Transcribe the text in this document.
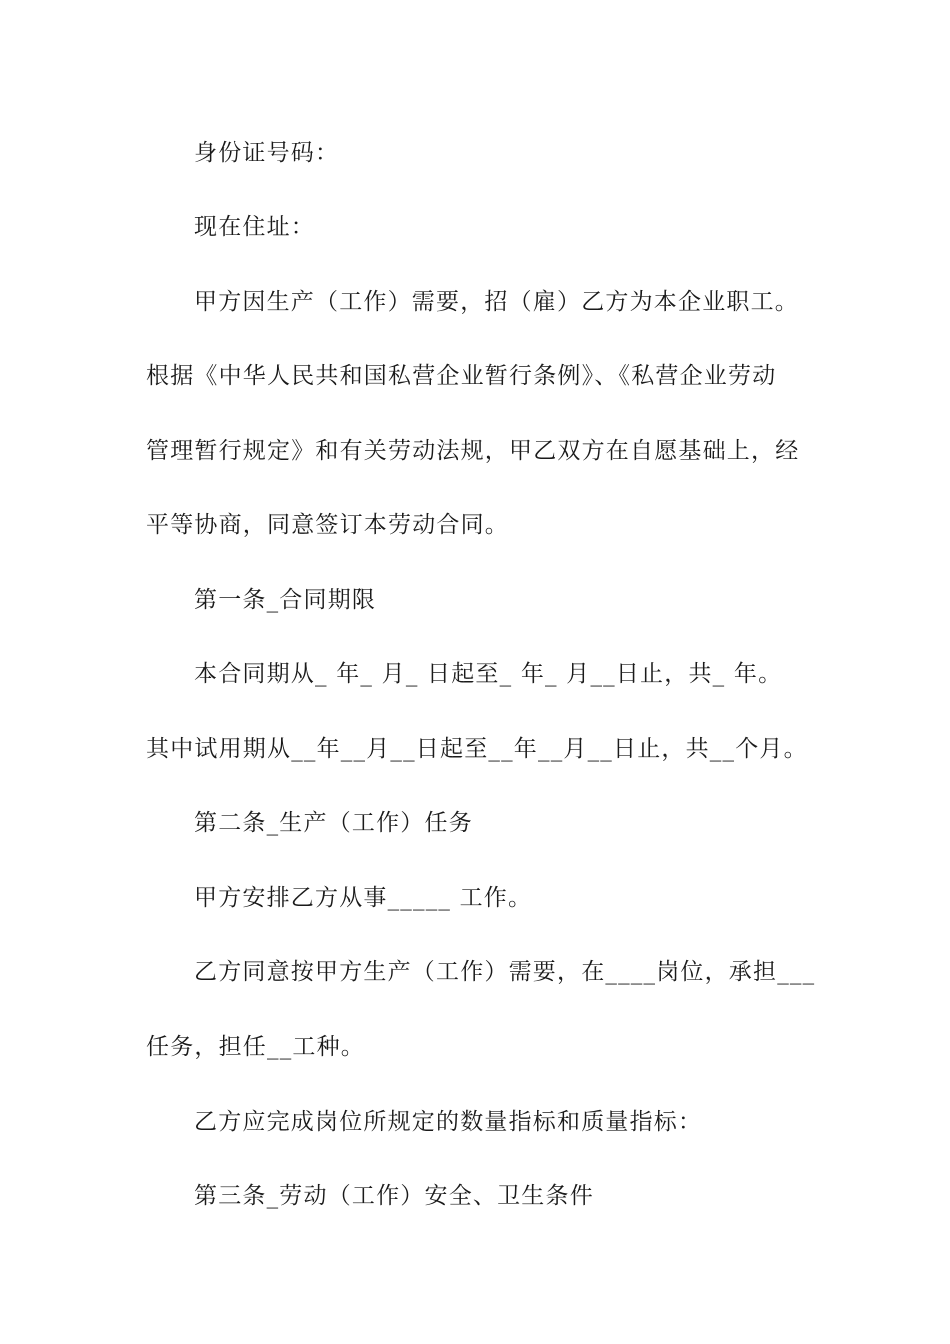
身份证号码：
现在住址：
甲方因生产（工作）需要，招（雇）乙方为本企业职工。
根据《中华人民共和国私营企业暂行条例》、《私营企业劳动
管理暂行规定》和有关劳动法规，甲乙双方在自愿基础上，经
平等协商，同意签订本劳动合同。
第一条_合同期限
本合同期从_ 年_ 月_ 日起至_ 年_ 月__日止，共_ 年。
其中试用期从__年__月__日起至__年__月__日止，共__个月。
第二条_生产（工作）任务
甲方安排乙方从事_____ 工作。
乙方同意按甲方生产（工作）需要，在____岗位，承担___
任务，担任__工种。
乙方应完成岗位所规定的数量指标和质量指标：
第三条_劳动（工作）安全、卫生条件
